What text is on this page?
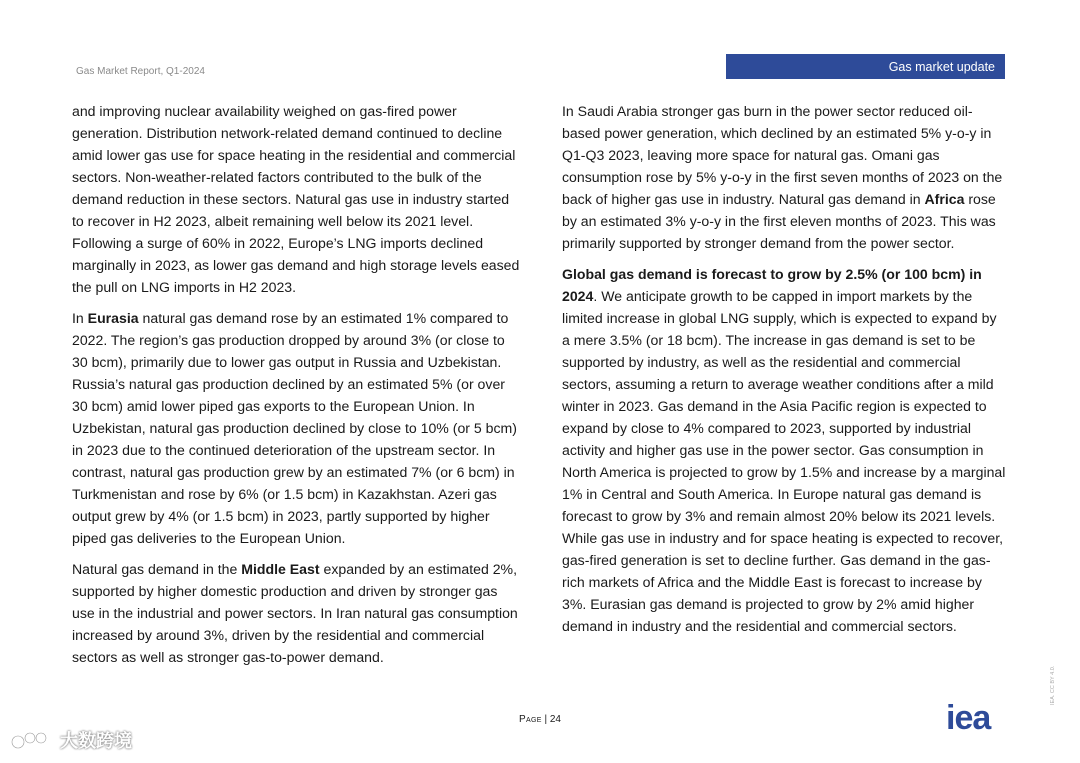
Gas Market Report, Q1-2024	Gas market update

and improving nuclear availability weighed on gas-fired power generation. Distribution network-related demand continued to decline amid lower gas use for space heating in the residential and commercial sectors. Non-weather-related factors contributed to the bulk of the demand reduction in these sectors. Natural gas use in industry started to recover in H2 2023, albeit remaining well below its 2021 level. Following a surge of 60% in 2022, Europe’s LNG imports declined marginally in 2023, as lower gas demand and high storage levels eased the pull on LNG imports in H2 2023.

In Eurasia natural gas demand rose by an estimated 1% compared to 2022. The region’s gas production dropped by around 3% (or close to 30 bcm), primarily due to lower gas output in Russia and Uzbekistan. Russia’s natural gas production declined by an estimated 5% (or over 30 bcm) amid lower piped gas exports to the European Union. In Uzbekistan, natural gas production declined by close to 10% (or 5 bcm) in 2023 due to the continued deterioration of the upstream sector. In contrast, natural gas production grew by an estimated 7% (or 6 bcm) in Turkmenistan and rose by 6% (or 1.5 bcm) in Kazakhstan. Azeri gas output grew by 4% (or 1.5 bcm) in 2023, partly supported by higher piped gas deliveries to the European Union.

Natural gas demand in the Middle East expanded by an estimated 2%, supported by higher domestic production and driven by stronger gas use in the industrial and power sectors. In Iran natural gas consumption increased by around 3%, driven by the residential and commercial sectors as well as stronger gas-to-power demand.

In Saudi Arabia stronger gas burn in the power sector reduced oil-based power generation, which declined by an estimated 5% y-o-y in Q1-Q3 2023, leaving more space for natural gas. Omani gas consumption rose by 5% y-o-y in the first seven months of 2023 on the back of higher gas use in industry. Natural gas demand in Africa rose by an estimated 3% y-o-y in the first eleven months of 2023. This was primarily supported by stronger demand from the power sector.

Global gas demand is forecast to grow by 2.5% (or 100 bcm) in 2024. We anticipate growth to be capped in import markets by the limited increase in global LNG supply, which is expected to expand by a mere 3.5% (or 18 bcm). The increase in gas demand is set to be supported by industry, as well as the residential and commercial sectors, assuming a return to average weather conditions after a mild winter in 2023. Gas demand in the Asia Pacific region is expected to expand by close to 4% compared to 2023, supported by industrial activity and higher gas use in the power sector. Gas consumption in North America is projected to grow by 1.5% and increase by a marginal 1% in Central and South America. In Europe natural gas demand is forecast to grow by 3% and remain almost 20% below its 2021 levels. While gas use in industry and for space heating is expected to recover, gas-fired generation is set to decline further. Gas demand in the gas-rich markets of Africa and the Middle East is forecast to increase by 3%. Eurasian gas demand is projected to grow by 2% amid higher demand in industry and the residential and commercial sectors.

Page | 24	iea
IEA. CC BY 4.0.
大数跨境
